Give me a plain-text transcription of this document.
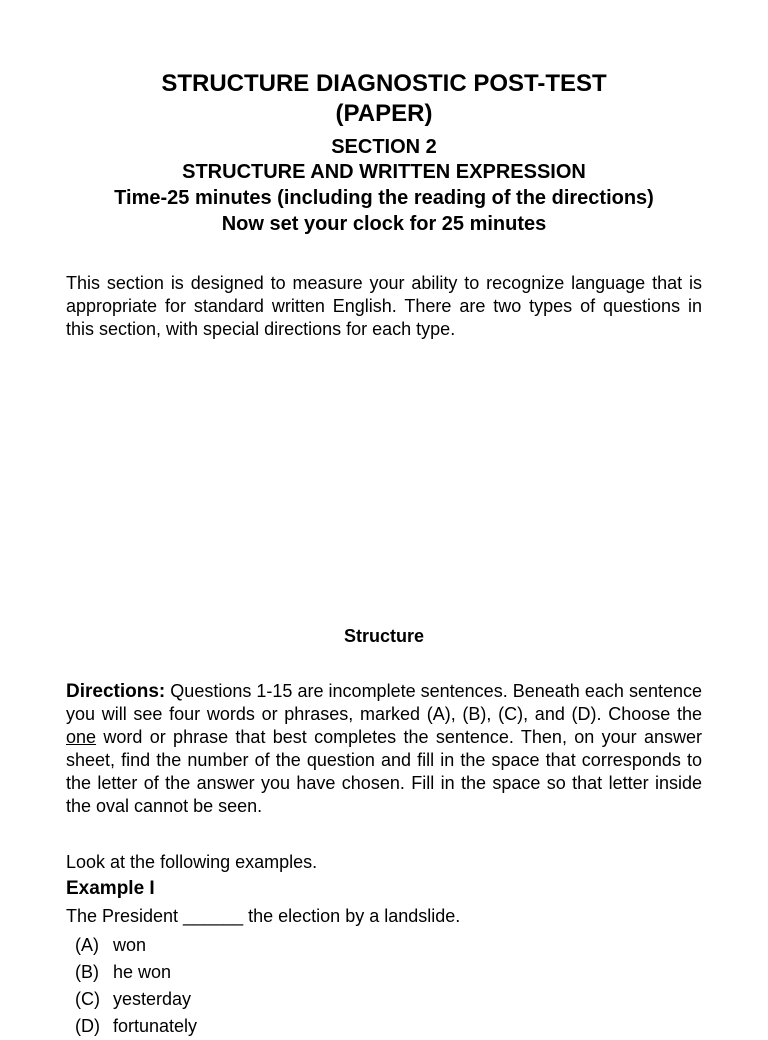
STRUCTURE DIAGNOSTIC POST-TEST
(PAPER)
SECTION 2
STRUCTURE AND WRITTEN EXPRESSION
Time-25 minutes (including the reading of the directions)
Now set your clock for 25 minutes

This section is designed to measure your ability to recognize language that is appropriate for standard written English. There are two types of questions in this section, with special directions for each type.

Structure

Directions: Questions 1-15 are incomplete sentences. Beneath each sentence you will see four words or phrases, marked (A), (B), (C), and (D). Choose the one word or phrase that best completes the sentence. Then, on your answer sheet, find the number of the question and fill in the space that corresponds to the letter of the answer you have chosen. Fill in the space so that letter inside the oval cannot be seen.

Look at the following examples.
Example I
The President ______ the election by a landslide.
(A) won
(B) he won
(C) yesterday
(D) fortunately
